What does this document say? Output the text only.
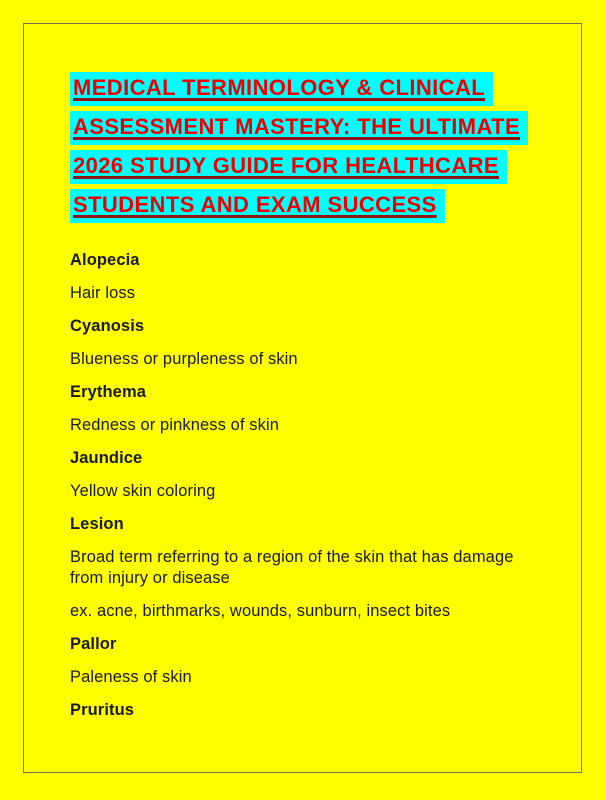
MEDICAL TERMINOLOGY & CLINICAL
ASSESSMENT MASTERY: THE ULTIMATE
2026 STUDY GUIDE FOR HEALTHCARE
STUDENTS AND EXAM SUCCESS
Alopecia
Hair loss
Cyanosis
Blueness or purpleness of skin
Erythema
Redness or pinkness of skin
Jaundice
Yellow skin coloring
Lesion
Broad term referring to a region of the skin that has damage from injury or disease
ex. acne, birthmarks, wounds, sunburn, insect bites
Pallor
Paleness of skin
Pruritus
